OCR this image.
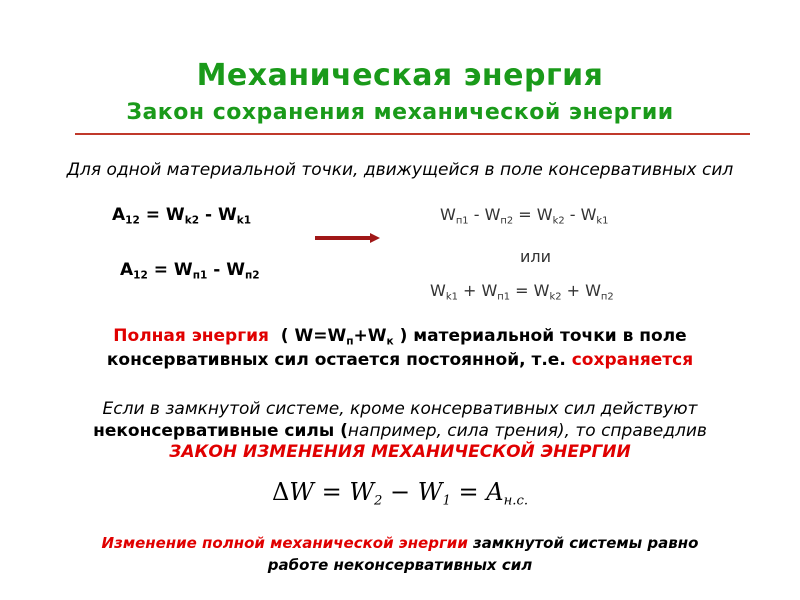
Механическая энергия
Закон сохранения механической энергии
Для одной материальной точки, движущейся в поле консервативных сил
$A_{12} = W_{k2} - W_{k1}$
$A_{12} = W_{п1} - W_{п2}$
$W_{п1} - W_{п2} = W_{k2} - W_{k1}$
или
$W_{k1} + W_{п1} = W_{k2} + W_{п2}$
Полная энергия ( $W=W_п+W_к$ ) материальной точки в поле
консервативных сил остается постоянной, т.е. сохраняется
Если в замкнутой системе, кроме консервативных сил действуют
неконсервативные силы (например, сила трения), то справедлив
ЗАКОН ИЗМЕНЕНИЯ МЕХАНИЧЕСКОЙ ЭНЕРГИИ
$\Delta W = W_2 - W_1 = A_{н.с.}$
Изменение полной механической энергии замкнутой системы равно
работе неконсервативных сил
